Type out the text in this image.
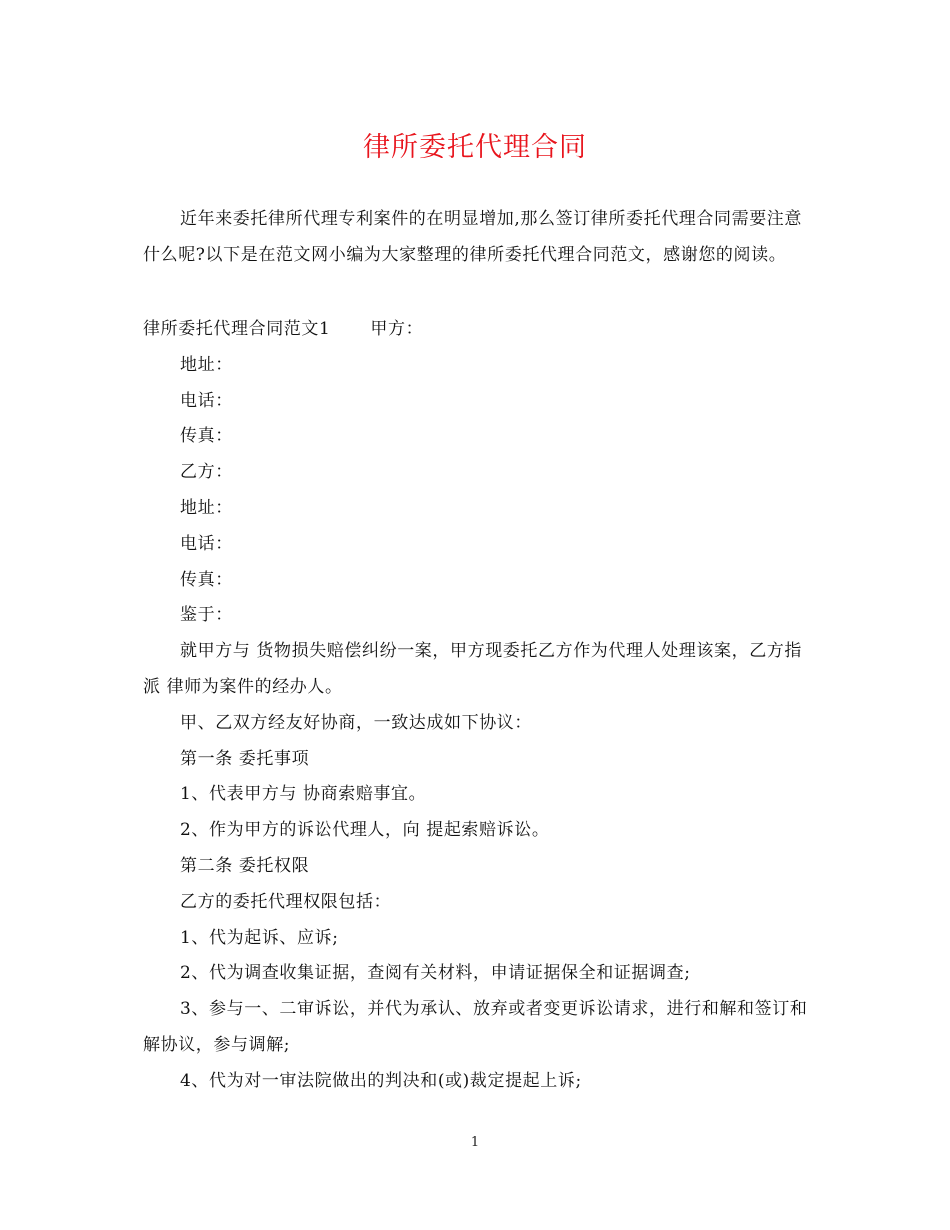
律所委托代理合同

近年来委托律所代理专利案件的在明显增加,那么签订律所委托代理合同需要注意什么呢?以下是在范文网小编为大家整理的律所委托代理合同范文，感谢您的阅读。

律所委托代理合同范文1 甲方：

地址：

电话：

传真：

乙方：

地址：

电话：

传真：

鉴于：

就甲方与 货物损失赔偿纠纷一案，甲方现委托乙方作为代理人处理该案，乙方指派 律师为案件的经办人。

甲、乙双方经友好协商，一致达成如下协议：

第一条 委托事项

1、代表甲方与 协商索赔事宜。

2、作为甲方的诉讼代理人，向 提起索赔诉讼。

第二条 委托权限

乙方的委托代理权限包括：

1、代为起诉、应诉;

2、代为调查收集证据，查阅有关材料，申请证据保全和证据调查;

3、参与一、二审诉讼，并代为承认、放弃或者变更诉讼请求，进行和解和签订和解协议，参与调解;

4、代为对一审法院做出的判决和(或)裁定提起上诉;

1
